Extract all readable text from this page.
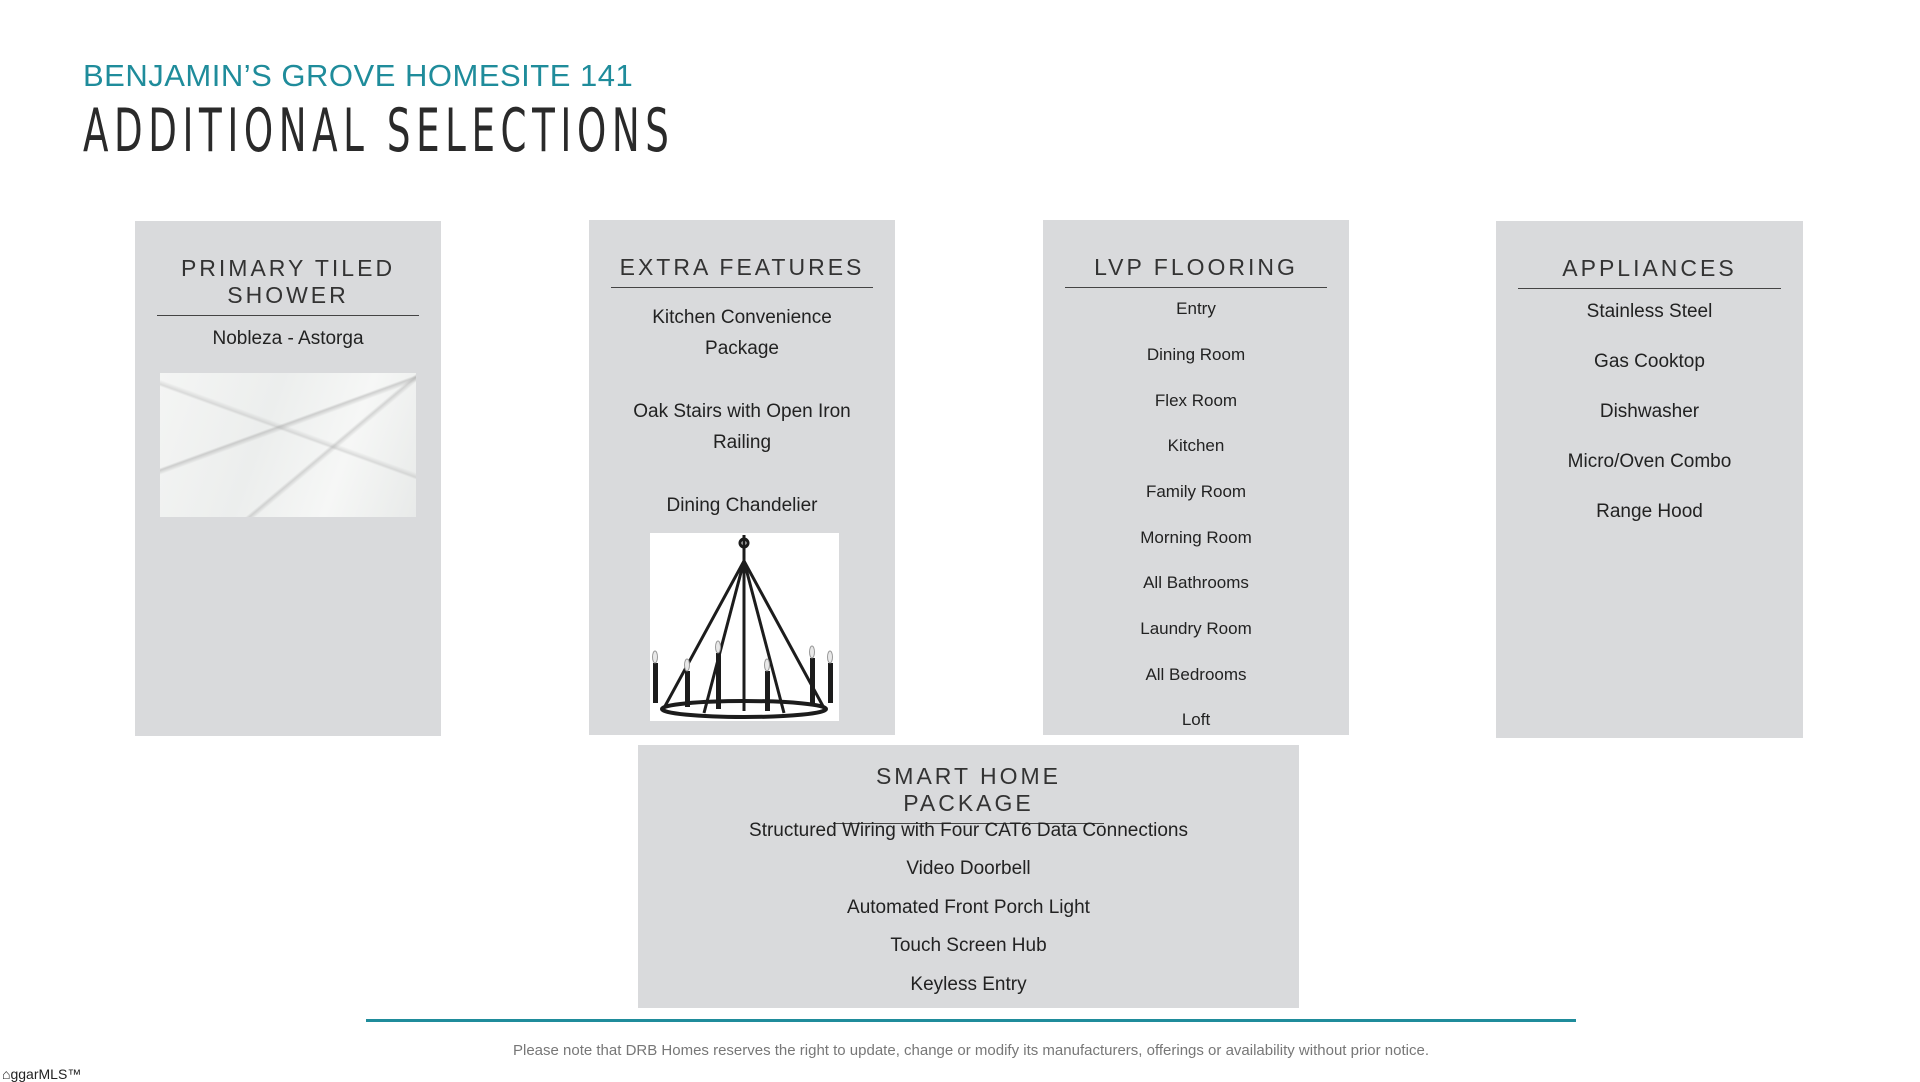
BENJAMIN’S GROVE HOMESITE 141
ADDITIONAL SELECTIONS
PRIMARY TILED SHOWER
Nobleza - Astorga
EXTRA FEATURES
Kitchen Convenience Package
Oak Stairs with Open Iron Railing
Dining Chandelier
LVP FLOORING
Entry
Dining Room
Flex Room
Kitchen
Family Room
Morning Room
All Bathrooms
Laundry Room
All Bedrooms
Loft
APPLIANCES
Stainless Steel
Gas Cooktop
Dishwasher
Micro/Oven Combo
Range Hood
SMART HOME PACKAGE
Structured Wiring with Four CAT6 Data Connections
Video Doorbell
Automated Front Porch Light
Touch Screen Hub
Keyless Entry
Please note that DRB Homes reserves the right to update, change or modify its manufacturers, offerings or availability without prior notice.
⌂ggarMLS™
